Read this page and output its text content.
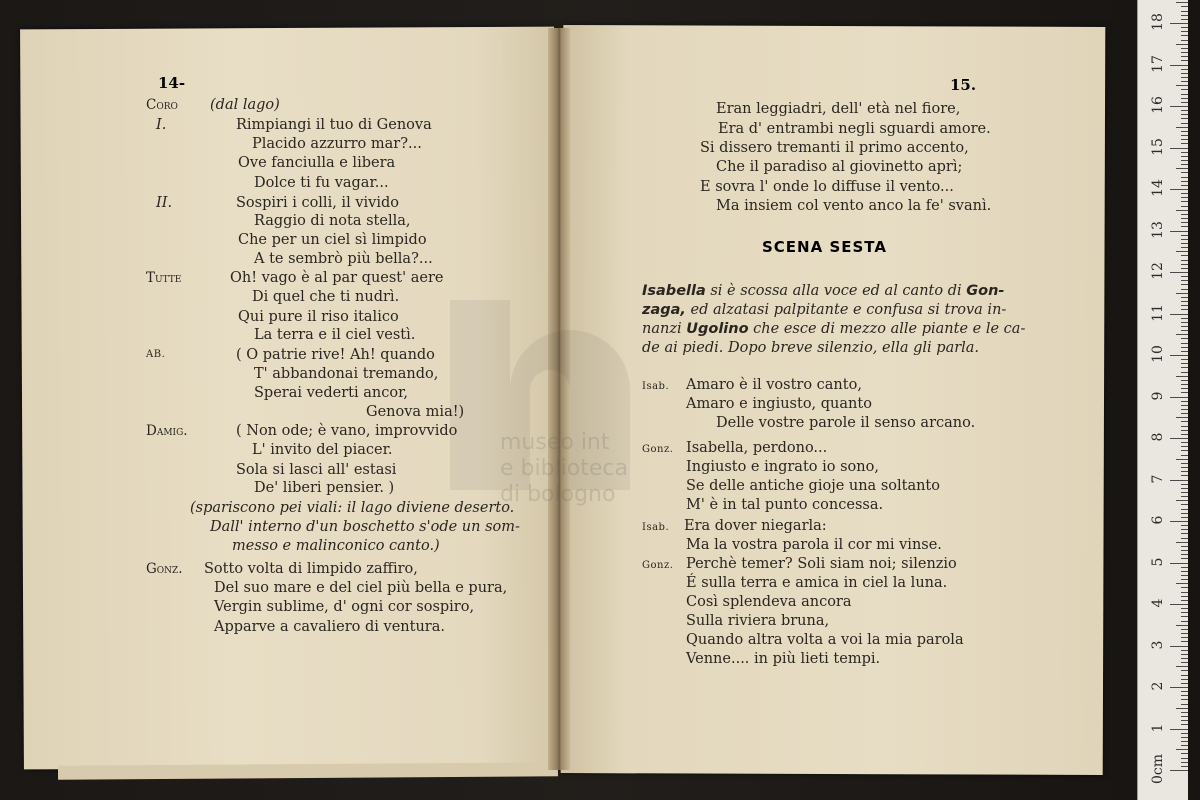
museo int
e biblioteca
di bologno
14-
Coro (dal lago)
I.	Rimpiangi il tuo di Genova
Placido azzurro mar?...
Ove fanciulla e libera
Dolce ti fu vagar...
II.	Sospiri i colli, il vivido
Raggio di nota stella,
Che per un ciel sì limpido
A te sembrò più bella?...
Tutte	Oh! vago è al par quest' aere
Di quel che ti nudrì.
Qui pure il riso italico
La terra e il ciel vestì.
AB.	( O patrie rive! Ah! quando
T' abbandonai tremando,
Sperai vederti ancor,
Genova mia!)
Damig.	( Non ode; è vano, improvvido
L' invito del piacer.
Sola si lasci all' estasi
De' liberi pensier. )
(spariscono pei viali: il lago diviene deserto.
Dall' interno d'un boschetto s'ode un som-
messo e malinconico canto.)
Gonz. Sotto volta di limpido zaffiro,
Del suo mare e del ciel più bella e pura,
Vergin sublime, d' ogni cor sospiro,
Apparve a cavaliero di ventura.
15.
Eran leggiadri, dell' età nel fiore,
Era d' entrambi negli sguardi amore.
Si dissero tremanti il primo accento,
Che il paradiso al giovinetto aprì;
E sovra l' onde lo diffuse il vento...
Ma insiem col vento anco la fe' svanì.
SCENA SESTA
Isabella si è scossa alla voce ed al canto di Gon-
zaga, ed alzatasi palpitante e confusa si trova in-
nanzi Ugolino che esce di mezzo alle piante e le ca-
de ai piedi. Dopo breve silenzio, ella gli parla.
Isab. Amaro è il vostro canto,
Amaro e ingiusto, quanto
Delle vostre parole il senso arcano.
Gonz. Isabella, perdono...
Ingiusto e ingrato io sono,
Se delle antiche gioje una soltanto
M' è in tal punto concessa.
Isab. Era dover niegarla:
Ma la vostra parola il cor mi vinse.
Gonz. Perchè temer? Soli siam noi; silenzio
É sulla terra e amica in ciel la luna.
Così splendeva ancora
Sulla riviera bruna,
Quando altra volta a voi la mia parola
Venne.... in più lieti tempi.
0cm
1
2
3
4
5
6
7
8
9
10
11
12
13
14
15
16
17
18
